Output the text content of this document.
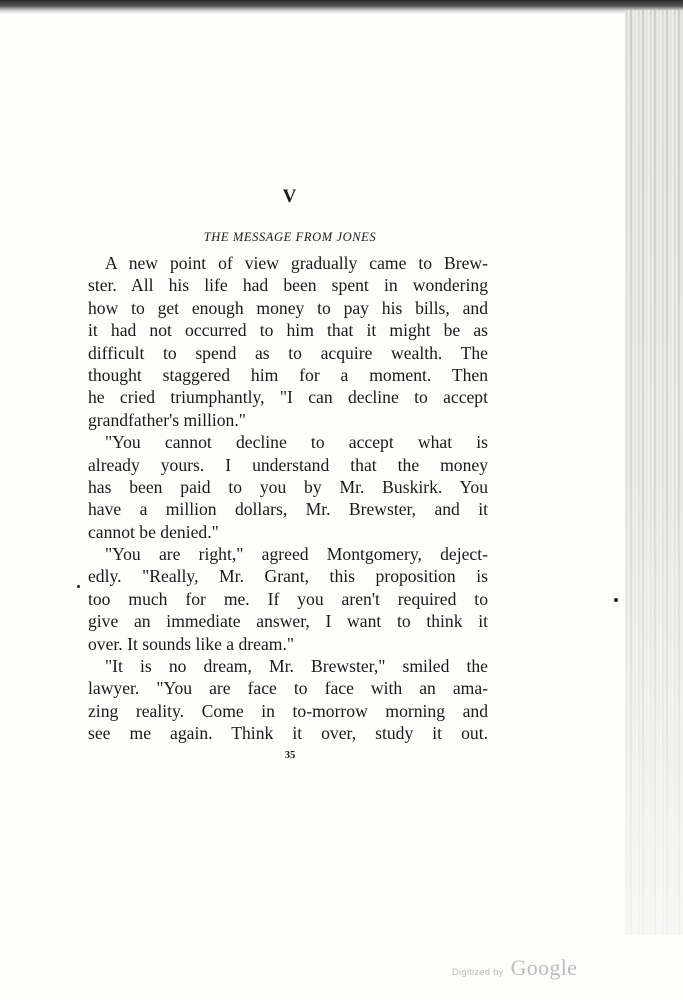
V
THE MESSAGE FROM JONES
A new point of view gradually came to Brew-
ster. All his life had been spent in wondering
how to get enough money to pay his bills, and
it had not occurred to him that it might be as
difficult to spend as to acquire wealth. The
thought staggered him for a moment. Then
he cried triumphantly, "I can decline to accept
grandfather's million."
"You cannot decline to accept what is
already yours. I understand that the money
has been paid to you by Mr. Buskirk. You
have a million dollars, Mr. Brewster, and it
cannot be denied."
"You are right," agreed Montgomery, deject-
edly. "Really, Mr. Grant, this proposition is
too much for me. If you aren't required to
give an immediate answer, I want to think it
over. It sounds like a dream."
"It is no dream, Mr. Brewster," smiled the
lawyer. "You are face to face with an ama-
zing reality. Come in to-morrow morning and
see me again. Think it over, study it out.
35
Digitized by Google
